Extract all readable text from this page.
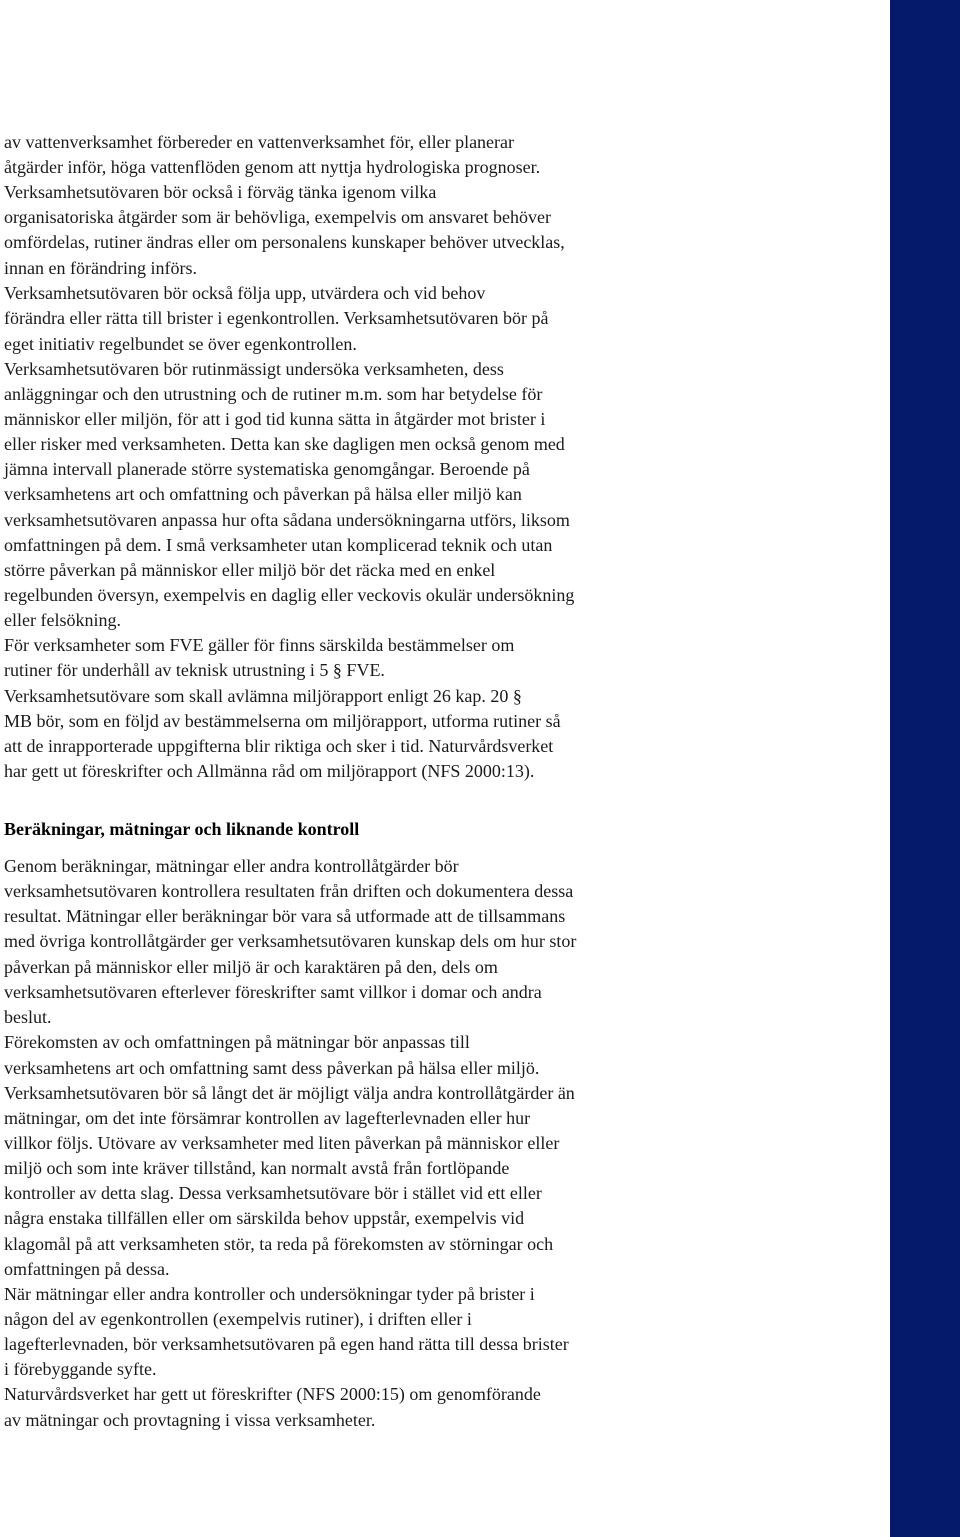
av vattenverksamhet förbereder en vattenverksamhet för, eller planerar
åtgärder inför, höga vattenflöden genom att nyttja hydrologiska prognoser.
Verksamhetsutövaren bör också i förväg tänka igenom vilka
organisatoriska åtgärder som är behövliga, exempelvis om ansvaret behöver
omfördelas, rutiner ändras eller om personalens kunskaper behöver utvecklas,
innan en förändring införs.
Verksamhetsutövaren bör också följa upp, utvärdera och vid behov
förändra eller rätta till brister i egenkontrollen. Verksamhetsutövaren bör på
eget initiativ regelbundet se över egenkontrollen.
Verksamhetsutövaren bör rutinmässigt undersöka verksamheten, dess
anläggningar och den utrustning och de rutiner m.m. som har betydelse för
människor eller miljön, för att i god tid kunna sätta in åtgärder mot brister i
eller risker med verksamheten. Detta kan ske dagligen men också genom med
jämna intervall planerade större systematiska genomgångar. Beroende på
verksamhetens art och omfattning och påverkan på hälsa eller miljö kan
verksamhetsutövaren anpassa hur ofta sådana undersökningarna utförs, liksom
omfattningen på dem. I små verksamheter utan komplicerad teknik och utan
större påverkan på människor eller miljö bör det räcka med en enkel
regelbunden översyn, exempelvis en daglig eller veckovis okulär undersökning
eller felsökning.
För verksamheter som FVE gäller för finns särskilda bestämmelser om
rutiner för underhåll av teknisk utrustning i 5 § FVE.
Verksamhetsutövare som skall avlämna miljörapport enligt 26 kap. 20 §
MB bör, som en följd av bestämmelserna om miljörapport, utforma rutiner så
att de inrapporterade uppgifterna blir riktiga och sker i tid. Naturvårdsverket
har gett ut föreskrifter och Allmänna råd om miljörapport (NFS 2000:13).
Beräkningar, mätningar och liknande kontroll
Genom beräkningar, mätningar eller andra kontrollåtgärder bör
verksamhetsutövaren kontrollera resultaten från driften och dokumentera dessa
resultat. Mätningar eller beräkningar bör vara så utformade att de tillsammans
med övriga kontrollåtgärder ger verksamhetsutövaren kunskap dels om hur stor
påverkan på människor eller miljö är och karaktären på den, dels om
verksamhetsutövaren efterlever föreskrifter samt villkor i domar och andra
beslut.
Förekomsten av och omfattningen på mätningar bör anpassas till
verksamhetens art och omfattning samt dess påverkan på hälsa eller miljö.
Verksamhetsutövaren bör så långt det är möjligt välja andra kontrollåtgärder än
mätningar, om det inte försämrar kontrollen av lagefterlevnaden eller hur
villkor följs. Utövare av verksamheter med liten påverkan på människor eller
miljö och som inte kräver tillstånd, kan normalt avstå från fortlöpande
kontroller av detta slag. Dessa verksamhetsutövare bör i stället vid ett eller
några enstaka tillfällen eller om särskilda behov uppstår, exempelvis vid
klagomål på att verksamheten stör, ta reda på förekomsten av störningar och
omfattningen på dessa.
När mätningar eller andra kontroller och undersökningar tyder på brister i
någon del av egenkontrollen (exempelvis rutiner), i driften eller i
lagefterlevnaden, bör verksamhetsutövaren på egen hand rätta till dessa brister
i förebyggande syfte.
Naturvårdsverket har gett ut föreskrifter (NFS 2000:15) om genomförande
av mätningar och provtagning i vissa verksamheter.
